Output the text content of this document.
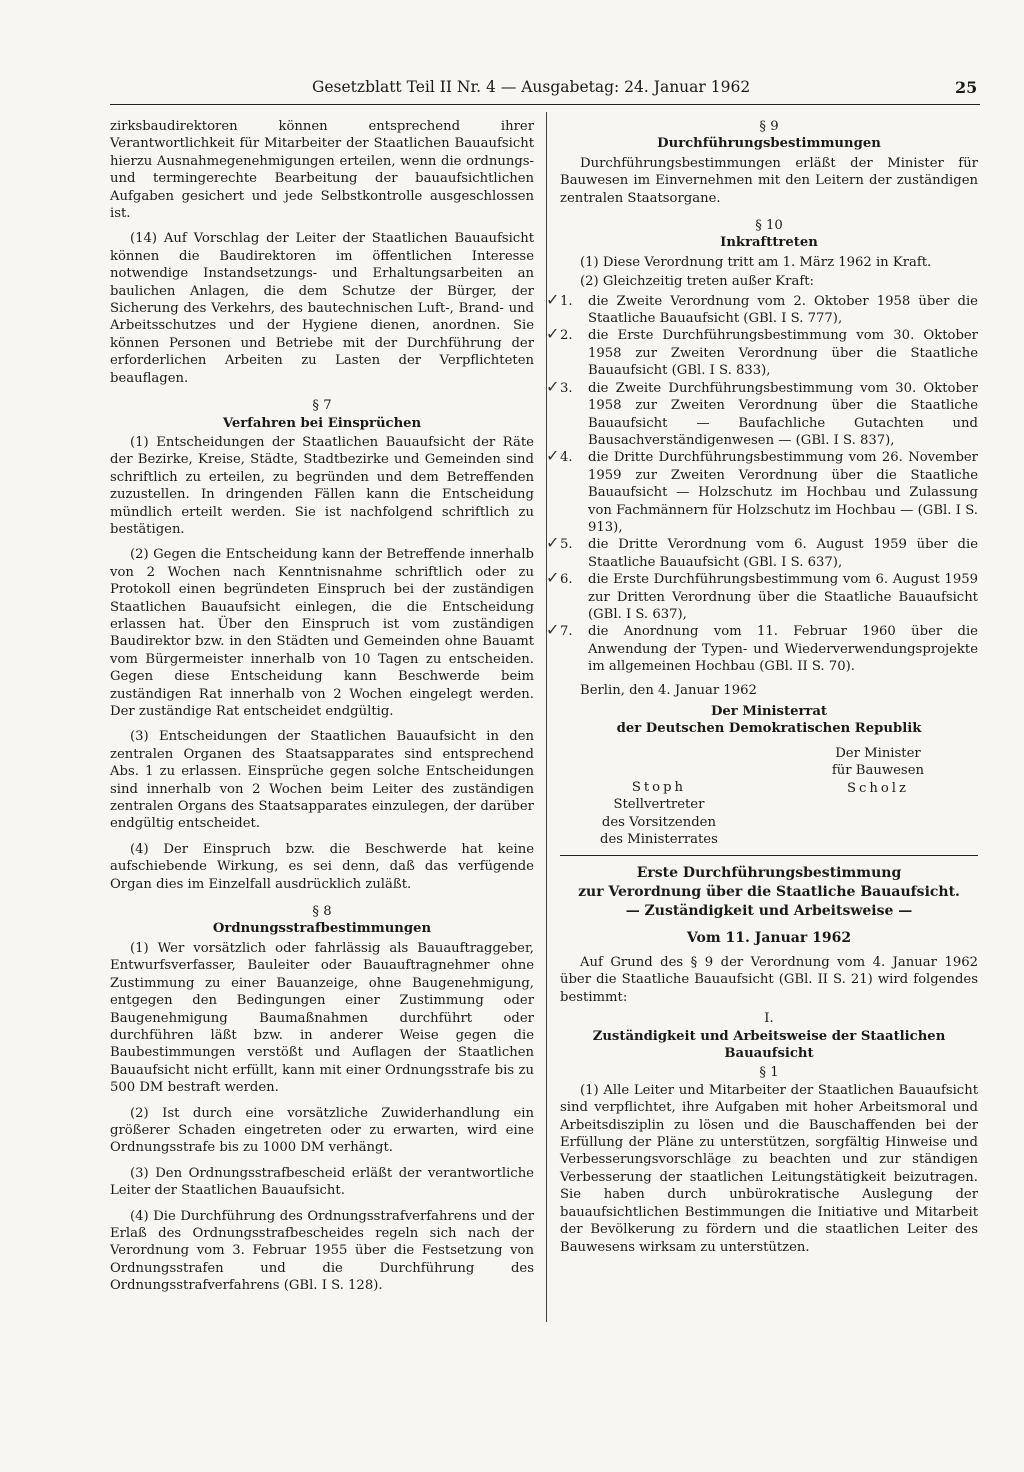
Gesetzblatt Teil II Nr. 4 — Ausgabetag: 24. Januar 1962	25

zirksbaudirektoren können entsprechend ihrer Verantwortlichkeit für Mitarbeiter der Staatlichen Bauaufsicht hierzu Ausnahmegenehmigungen erteilen, wenn die ordnungs- und termingerechte Bearbeitung der bauaufsichtlichen Aufgaben gesichert und jede Selbstkontrolle ausgeschlossen ist.

(14) Auf Vorschlag der Leiter der Staatlichen Bauaufsicht können die Baudirektoren im öffentlichen Interesse notwendige Instandsetzungs- und Erhaltungsarbeiten an baulichen Anlagen, die dem Schutze der Bürger, der Sicherung des Verkehrs, des bautechnischen Luft-, Brand- und Arbeitsschutzes und der Hygiene dienen, anordnen. Sie können Personen und Betriebe mit der Durchführung der erforderlichen Arbeiten zu Lasten der Verpflichteten beauflagen.

§ 7
Verfahren bei Einsprüchen

(1) Entscheidungen der Staatlichen Bauaufsicht der Räte der Bezirke, Kreise, Städte, Stadtbezirke und Gemeinden sind schriftlich zu erteilen, zu begründen und dem Betreffenden zuzustellen. In dringenden Fällen kann die Entscheidung mündlich erteilt werden. Sie ist nachfolgend schriftlich zu bestätigen.

(2) Gegen die Entscheidung kann der Betreffende innerhalb von 2 Wochen nach Kenntnisnahme schriftlich oder zu Protokoll einen begründeten Einspruch bei der zuständigen Staatlichen Bauaufsicht einlegen, die die Entscheidung erlassen hat. Über den Einspruch ist vom zuständigen Baudirektor bzw. in den Städten und Gemeinden ohne Bauamt vom Bürgermeister innerhalb von 10 Tagen zu entscheiden. Gegen diese Entscheidung kann Beschwerde beim zuständigen Rat innerhalb von 2 Wochen eingelegt werden. Der zuständige Rat entscheidet endgültig.

(3) Entscheidungen der Staatlichen Bauaufsicht in den zentralen Organen des Staatsapparates sind entsprechend Abs. 1 zu erlassen. Einsprüche gegen solche Entscheidungen sind innerhalb von 2 Wochen beim Leiter des zuständigen zentralen Organs des Staatsapparates einzulegen, der darüber endgültig entscheidet.

(4) Der Einspruch bzw. die Beschwerde hat keine aufschiebende Wirkung, es sei denn, daß das verfügende Organ dies im Einzelfall ausdrücklich zuläßt.

§ 8
Ordnungsstrafbestimmungen

(1) Wer vorsätzlich oder fahrlässig als Bauauftraggeber, Entwurfsverfasser, Bauleiter oder Bauauftragnehmer ohne Zustimmung zu einer Bauanzeige, ohne Baugenehmigung, entgegen den Bedingungen einer Zustimmung oder Baugenehmigung Baumaßnahmen durchführt oder durchführen läßt bzw. in anderer Weise gegen die Baubestimmungen verstößt und Auflagen der Staatlichen Bauaufsicht nicht erfüllt, kann mit einer Ordnungsstrafe bis zu 500 DM bestraft werden.

(2) Ist durch eine vorsätzliche Zuwiderhandlung ein größerer Schaden eingetreten oder zu erwarten, wird eine Ordnungsstrafe bis zu 1000 DM verhängt.

(3) Den Ordnungsstrafbescheid erläßt der verantwortliche Leiter der Staatlichen Bauaufsicht.

(4) Die Durchführung des Ordnungsstrafverfahrens und der Erlaß des Ordnungsstrafbescheides regeln sich nach der Verordnung vom 3. Februar 1955 über die Festsetzung von Ordnungsstrafen und die Durchführung des Ordnungsstrafverfahrens (GBl. I S. 128).

§ 9
Durchführungsbestimmungen

Durchführungsbestimmungen erläßt der Minister für Bauwesen im Einvernehmen mit den Leitern der zuständigen zentralen Staatsorgane.

§ 10
Inkrafttreten

(1) Diese Verordnung tritt am 1. März 1962 in Kraft.

(2) Gleichzeitig treten außer Kraft:

✓ 1. die Zweite Verordnung vom 2. Oktober 1958 über die Staatliche Bauaufsicht (GBl. I S. 777),
✓ 2. die Erste Durchführungsbestimmung vom 30. Oktober 1958 zur Zweiten Verordnung über die Staatliche Bauaufsicht (GBl. I S. 833),
✓ 3. die Zweite Durchführungsbestimmung vom 30. Oktober 1958 zur Zweiten Verordnung über die Staatliche Bauaufsicht — Baufachliche Gutachten und Bausachverständigenwesen — (GBl. I S. 837),
✓ 4. die Dritte Durchführungsbestimmung vom 26. November 1959 zur Zweiten Verordnung über die Staatliche Bauaufsicht — Holzschutz im Hochbau und Zulassung von Fachmännern für Holzschutz im Hochbau — (GBl. I S. 913),
✓ 5. die Dritte Verordnung vom 6. August 1959 über die Staatliche Bauaufsicht (GBl. I S. 637),
✓ 6. die Erste Durchführungsbestimmung vom 6. August 1959 zur Dritten Verordnung über die Staatliche Bauaufsicht (GBl. I S. 637),
✓ 7. die Anordnung vom 11. Februar 1960 über die Anwendung der Typen- und Wiederverwendungsprojekte im allgemeinen Hochbau (GBl. II S. 70).

Berlin, den 4. Januar 1962

Der Ministerrat
der Deutschen Demokratischen Republik
Der Minister
für Bauwesen
Scholz
Stoph
Stellvertreter
des Vorsitzenden
des Ministerrates
Erste Durchführungsbestimmung
zur Verordnung über die Staatliche Bauaufsicht.
— Zuständigkeit und Arbeitsweise —
Vom 11. Januar 1962

Auf Grund des § 9 der Verordnung vom 4. Januar 1962 über die Staatliche Bauaufsicht (GBl. II S. 21) wird folgendes bestimmt:

I.
Zuständigkeit und Arbeitsweise der Staatlichen Bauaufsicht
§ 1

(1) Alle Leiter und Mitarbeiter der Staatlichen Bauaufsicht sind verpflichtet, ihre Aufgaben mit hoher Arbeitsmoral und Arbeitsdisziplin zu lösen und die Bauschaffenden bei der Erfüllung der Pläne zu unterstützen, sorgfältig Hinweise und Verbesserungsvorschläge zu beachten und zur ständigen Verbesserung der staatlichen Leitungstätigkeit beizutragen. Sie haben durch unbürokratische Auslegung der bauaufsichtlichen Bestimmungen die Initiative und Mitarbeit der Bevölkerung zu fördern und die staatlichen Leiter des Bauwesens wirksam zu unterstützen.
